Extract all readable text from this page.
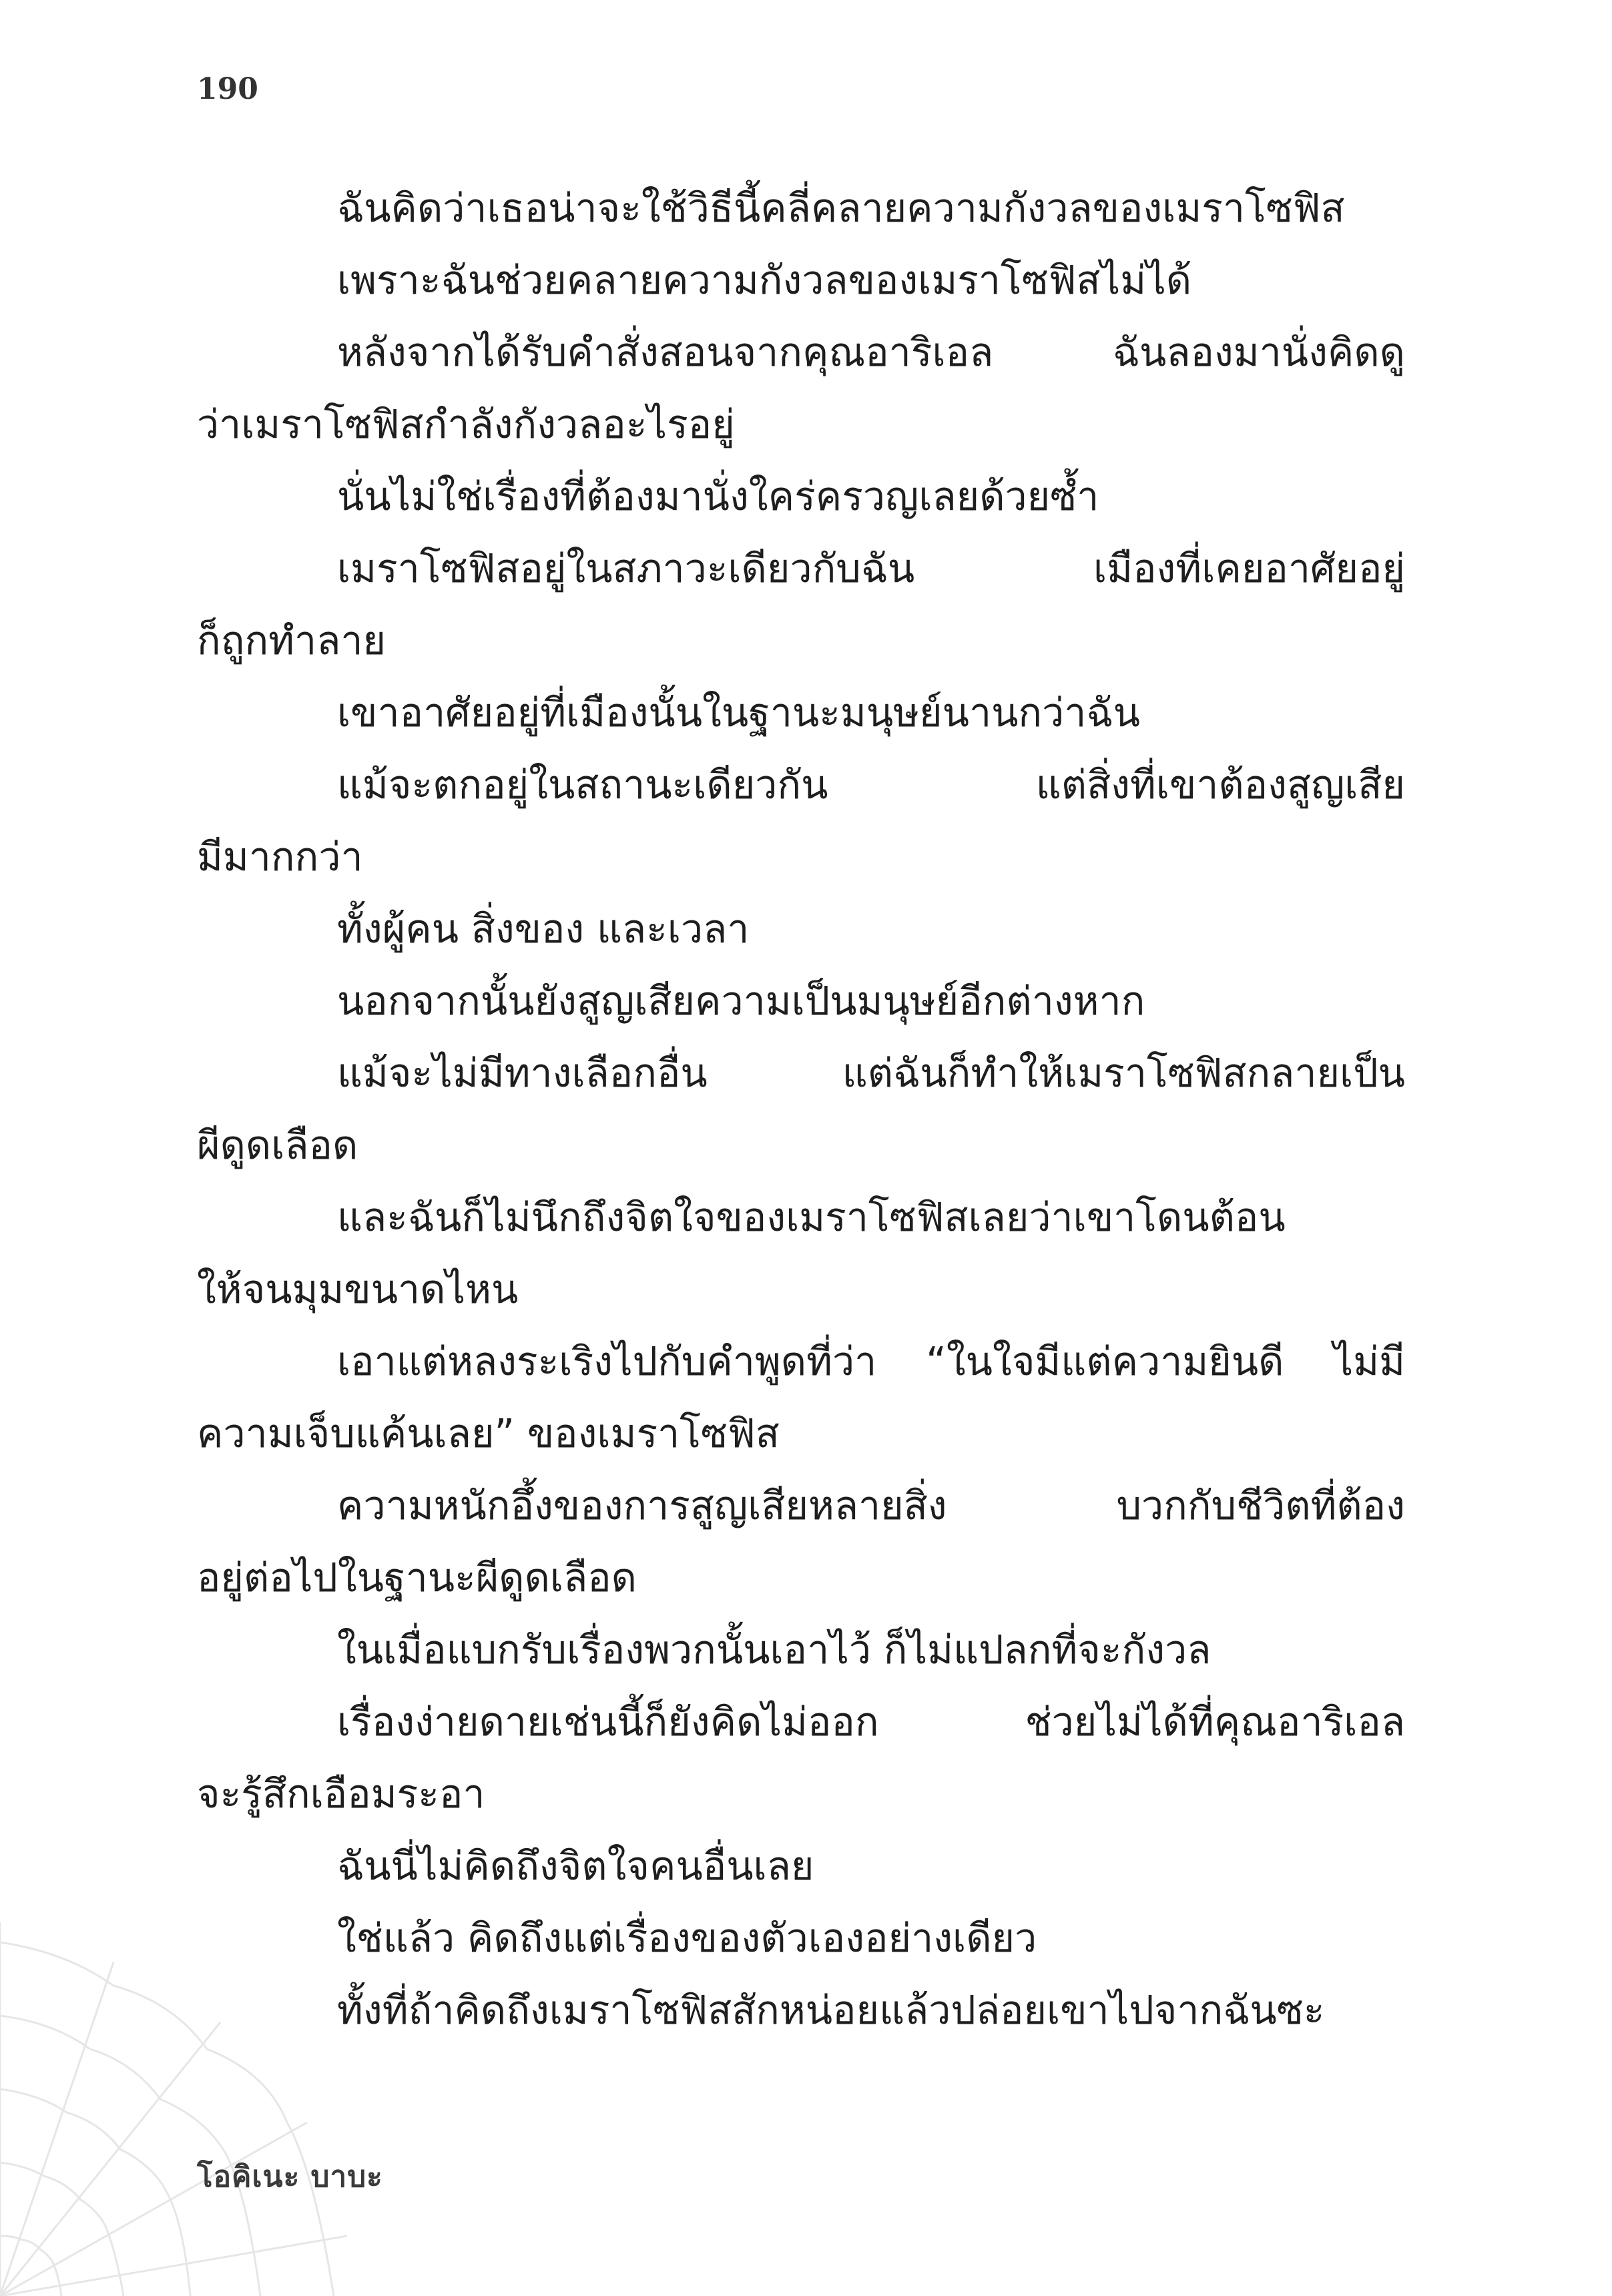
190

ฉันคิดว่าเธอน่าจะใช้วิธีนี้คลี่คลายความกังวลของเมราโซฟิส
เพราะฉันช่วยคลายความกังวลของเมราโซฟิสไม่ได้
หลังจากได้รับคำสั่งสอนจากคุณอาริเอล ฉันลองมานั่งคิดดู
ว่าเมราโซฟิสกำลังกังวลอะไรอยู่
นั่นไม่ใช่เรื่องที่ต้องมานั่งใคร่ครวญเลยด้วยซ้ำ
เมราโซฟิสอยู่ในสภาวะเดียวกับฉัน เมืองที่เคยอาศัยอยู่
ก็ถูกทำลาย
เขาอาศัยอยู่ที่เมืองนั้นในฐานะมนุษย์นานกว่าฉัน
แม้จะตกอยู่ในสถานะเดียวกัน แต่สิ่งที่เขาต้องสูญเสีย
มีมากกว่า
ทั้งผู้คน สิ่งของ และเวลา
นอกจากนั้นยังสูญเสียความเป็นมนุษย์อีกต่างหาก
แม้จะไม่มีทางเลือกอื่น แต่ฉันก็ทำให้เมราโซฟิสกลายเป็น
ผีดูดเลือด
และฉันก็ไม่นึกถึงจิตใจของเมราโซฟิสเลยว่าเขาโดนต้อน
ให้จนมุมขนาดไหน
เอาแต่หลงระเริงไปกับคำพูดที่ว่า “ในใจมีแต่ความยินดี ไม่มี
ความเจ็บแค้นเลย” ของเมราโซฟิส
ความหนักอึ้งของการสูญเสียหลายสิ่ง บวกกับชีวิตที่ต้อง
อยู่ต่อไปในฐานะผีดูดเลือด
ในเมื่อแบกรับเรื่องพวกนั้นเอาไว้ ก็ไม่แปลกที่จะกังวล
เรื่องง่ายดายเช่นนี้ก็ยังคิดไม่ออก ช่วยไม่ได้ที่คุณอาริเอล
จะรู้สึกเอือมระอา
ฉันนี่ไม่คิดถึงจิตใจคนอื่นเลย
ใช่แล้ว คิดถึงแต่เรื่องของตัวเองอย่างเดียว
ทั้งที่ถ้าคิดถึงเมราโซฟิสสักหน่อยแล้วปล่อยเขาไปจากฉันซะ

โอคิเนะ บาบะ
